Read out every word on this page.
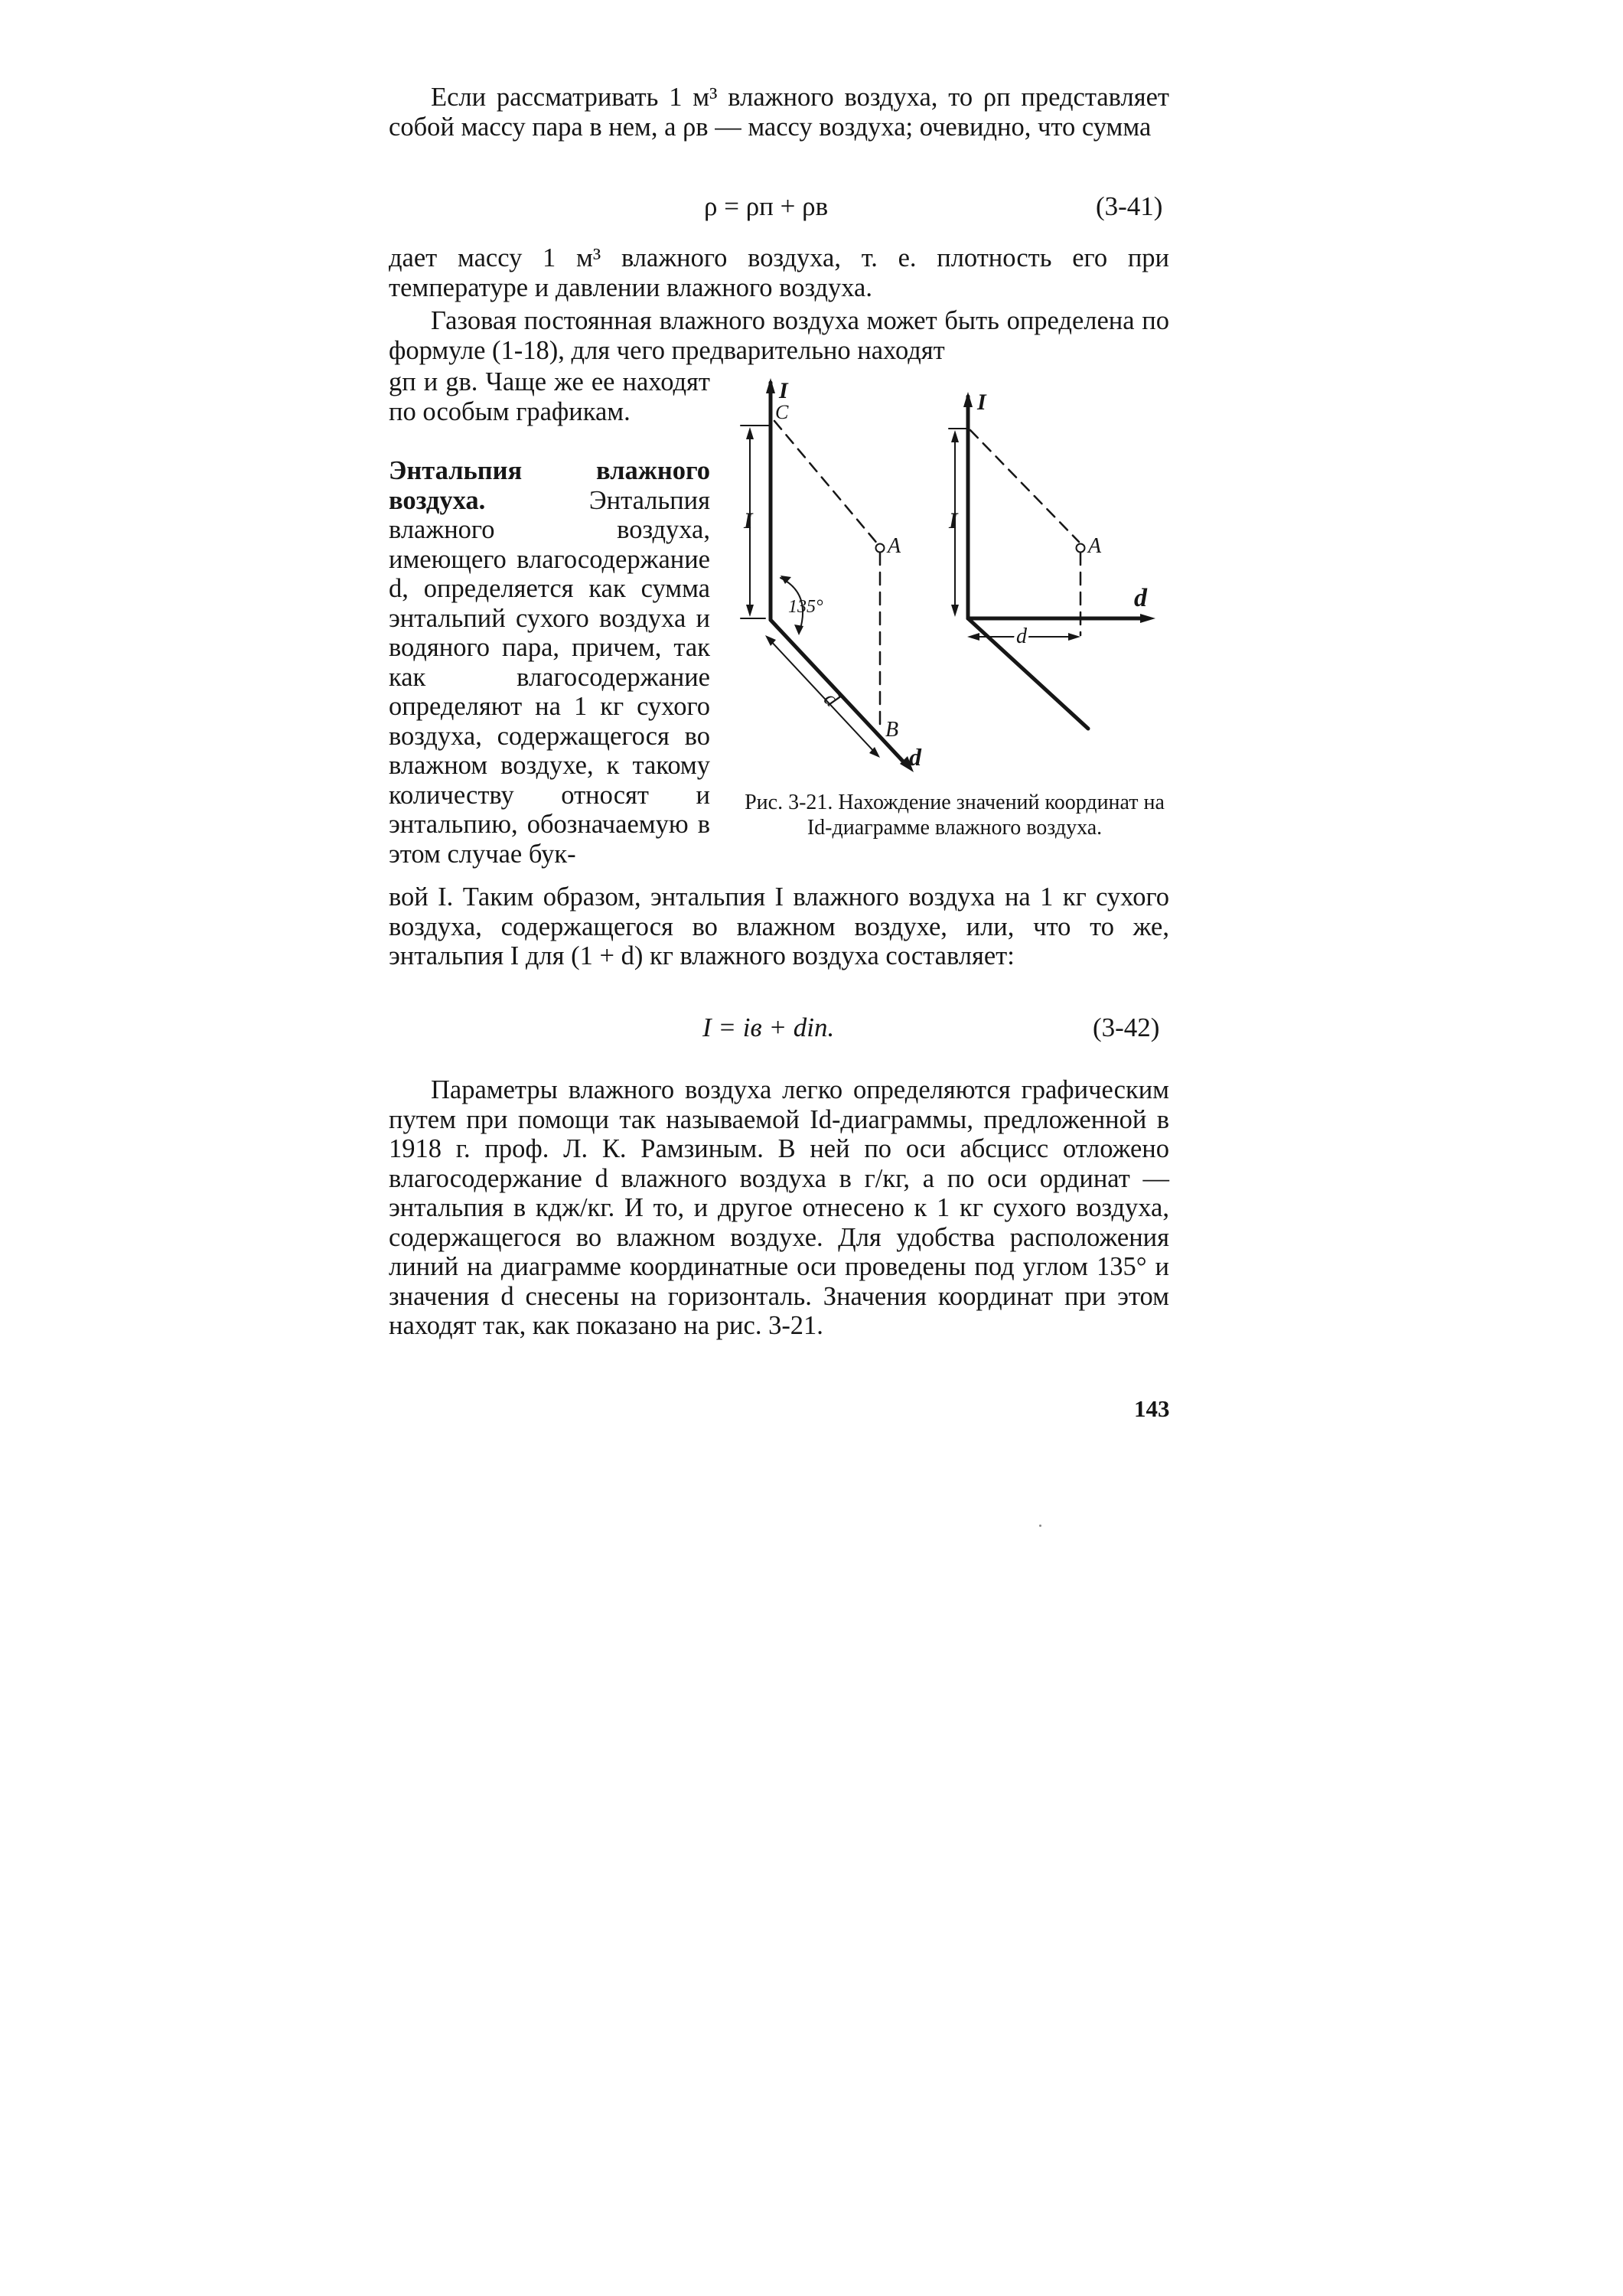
Если рассматривать 1 м³ влажного воздуха, то ρп представляет собой массу пара в нем, а ρв — массу воздуха; очевидно, что сумма
ρ = ρп + ρв	(3-41)
дает массу 1 м³ влажного воздуха, т. е. плотность его при температуре и давлении влажного воздуха.
Газовая постоянная влажного воздуха может быть определена по формуле (1-18), для чего предварительно находят
gп и gв. Чаще же ее находят по особым графикам.
Энтальпия влажного воздуха.	Энтальпия влажного воздуха, имеющего влагосодержание d, определяется как сумма энтальпий сухого воздуха и водяного пара, причем, так как влагосодержание определяют на 1 кг сухого воздуха, содержащегося во влажном воздухе, к такому количеству относят и энтальпию, обозначаемую в этом случае бук-
I
C
A
B
d
I
135°
d
I
A
d
I
d
Рис. 3-21. Нахождение значений координат на Id-диаграмме влажного воздуха.
вой I. Таким образом, энтальпия I влажного воздуха на 1 кг сухого воздуха, содержащегося во влажном воздухе, или, что то же, энтальпия I для (1 + d) кг влажного воздуха составляет:
I = iв + diп.	(3-42)
Параметры влажного воздуха легко определяются графическим путем при помощи так называемой Id-диаграммы, предложенной в 1918 г. проф. Л. К. Рамзиным. В ней по оси абсцисс отложено влагосодержание d влажного воздуха в г/кг, а по оси ординат — энтальпия в кдж/кг. И то, и другое отнесено к 1 кг сухого воздуха, содержащегося во влажном воздухе. Для удобства расположения линий на диаграмме координатные оси проведены под углом 135° и значения d снесены на горизонталь. Значения координат при этом находят так, как показано на рис. 3-21.
143
